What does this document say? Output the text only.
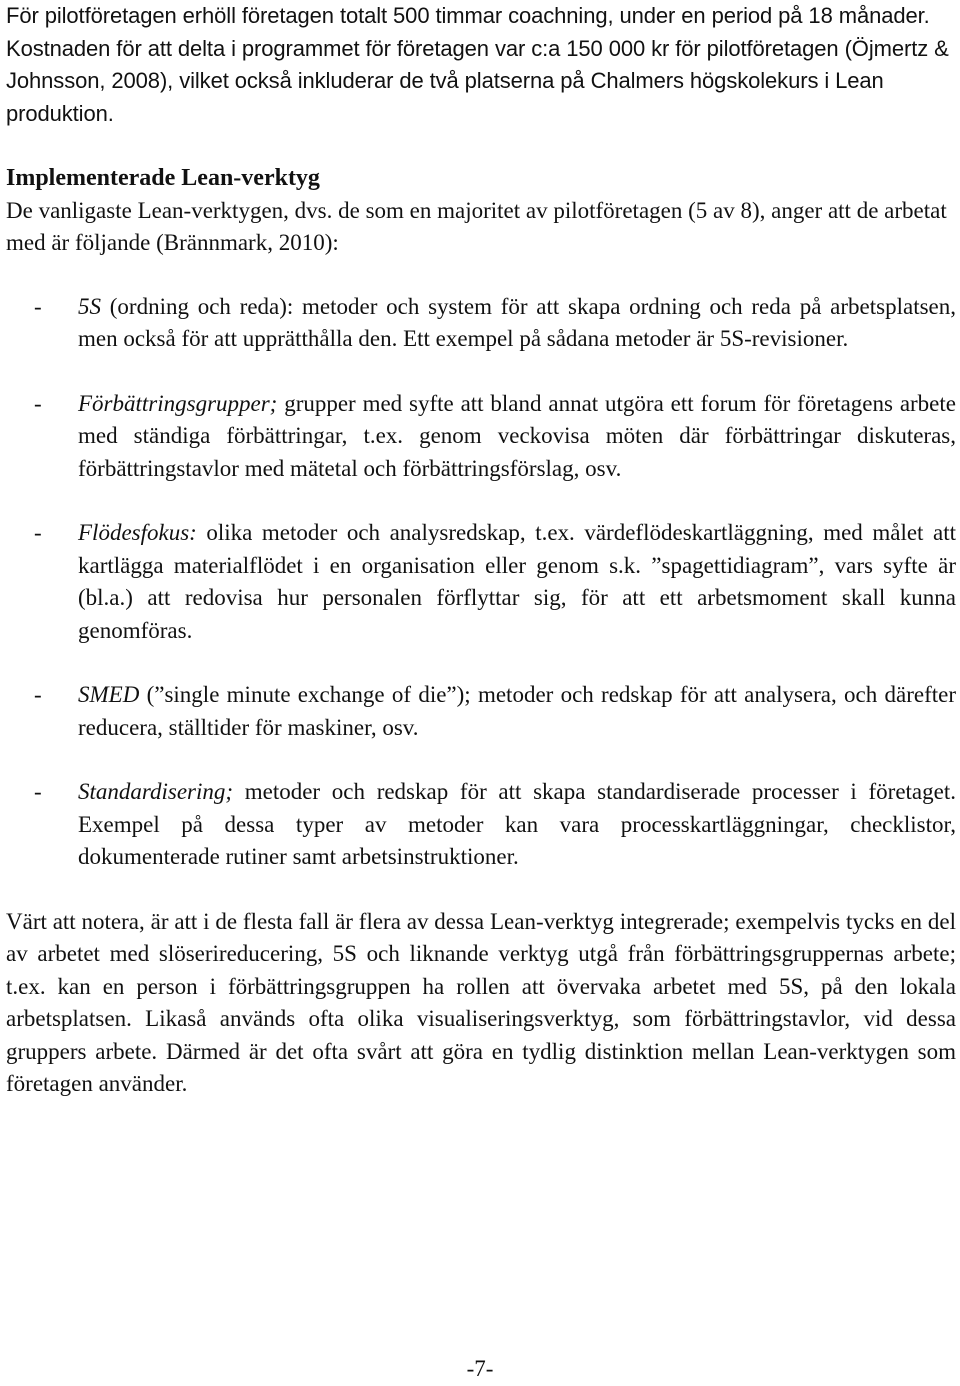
För pilotföretagen erhöll företagen totalt 500 timmar coachning, under en period på 18 månader. Kostnaden för att delta i programmet för företagen var c:a 150 000 kr för pilotföretagen (Öjmertz & Johnsson, 2008), vilket också inkluderar de två platserna på Chalmers högskolekurs i Lean produktion.

Implementerade Lean-verktyg

De vanligaste Lean-verktygen, dvs. de som en majoritet av pilotföretagen (5 av 8), anger att de arbetat med är följande (Brännmark, 2010):

- 5S (ordning och reda): metoder och system för att skapa ordning och reda på arbetsplatsen, men också för att upprätthålla den. Ett exempel på sådana metoder är 5S-revisioner.
- Förbättringsgrupper; grupper med syfte att bland annat utgöra ett forum för företagens arbete med ständiga förbättringar, t.ex. genom veckovisa möten där förbättringar diskuteras, förbättringstavlor med mätetal och förbättringsförslag, osv.
- Flödesfokus: olika metoder och analysredskap, t.ex. värdeflödeskartläggning, med målet att kartlägga materialflödet i en organisation eller genom s.k. ”spagettidiagram”, vars syfte är (bl.a.) att redovisa hur personalen förflyttar sig, för att ett arbetsmoment skall kunna genomföras.
- SMED (”single minute exchange of die”); metoder och redskap för att analysera, och därefter reducera, ställtider för maskiner, osv.
- Standardisering; metoder och redskap för att skapa standardiserade processer i företaget. Exempel på dessa typer av metoder kan vara processkartläggningar, checklistor, dokumenterade rutiner samt arbetsinstruktioner.

Värt att notera, är att i de flesta fall är flera av dessa Lean-verktyg integrerade; exempelvis tycks en del av arbetet med slöserireducering, 5S och liknande verktyg utgå från förbättringsgruppernas arbete; t.ex. kan en person i förbättringsgruppen ha rollen att övervaka arbetet med 5S, på den lokala arbetsplatsen. Likaså används ofta olika visualiseringsverktyg, som förbättringstavlor, vid dessa gruppers arbete. Därmed är det ofta svårt att göra en tydlig distinktion mellan Lean-verktygen som företagen använder.

-7-
